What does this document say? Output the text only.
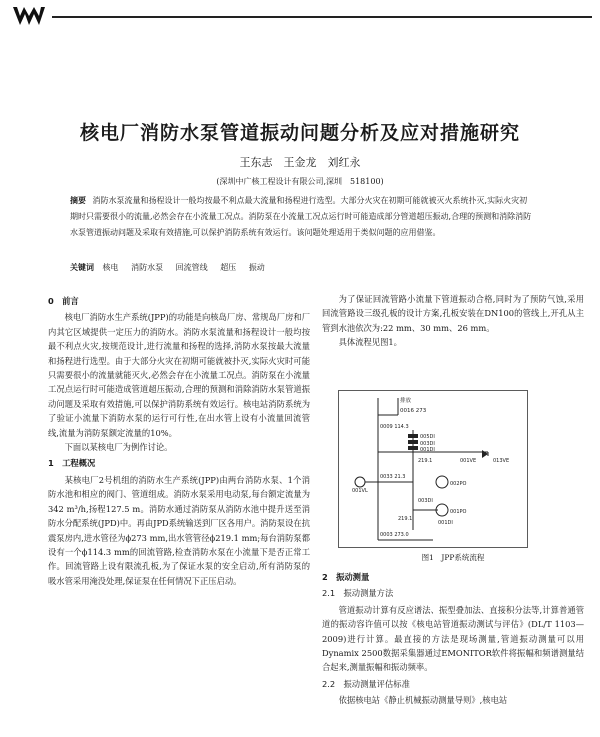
核电厂消防水泵管道振动问题分析及应对措施研究
王东志　王金龙　刘红永
(深圳中广核工程设计有限公司,深圳　518100)
摘要 消防水泵流量和扬程设计一般均按最不利点最大流量和扬程进行选型。大部分火灾在初期可能就被灭火系统扑灭,实际火灾初期时只需要很小的流量,必然会存在小流量工况点。消防泵在小流量工况点运行时可能造成部分管道超压振动,合理的预测和消除消防水泵管道振动问题及采取有效措施,可以保护消防系统有效运行。该问题处理适用于类似问题的应用借鉴。
关键词 核电 消防水泵 回流管线 超压 振动
0　前言

核电厂消防水生产系统(JPP)的功能是向核岛厂房、常规岛厂房和厂内其它区域提供一定压力的消防水。消防水泵流量和扬程设计一般均按最不利点火灾,按规范设计,进行流量和扬程的选择,消防水泵按最大流量和扬程进行选型。由于大部分火灾在初期可能就被扑灭,实际火灾时可能只需要很小的流量就能灭火,必然会存在小流量工况点。消防泵在小流量工况点运行时可能造成管道超压振动,合理的预测和消除消防水泵管道振动问题及采取有效措施,可以保护消防系统有效运行。核电站消防系统为了验证小流量下消防水泵的运行可行性,在出水管上设有小流量回流管线,流量为消防泵额定流量的10%。

下面以某核电厂为例作讨论。

1　工程概况

某核电厂2号机组的消防水生产系统(JPP)由两台消防水泵、1个消防水池和相应的阀门、管道组成。消防水泵采用电动泵,每台额定流量为342 m³/h,扬程127.5 m。消防水通过消防泵从消防水池中提升送至消防水分配系统(JPD)中。再由JPD系统输送到厂区各用户。消防泵设在抗震泵房内,进水管径为ϕ273 mm,出水管管径ϕ219.1 mm;每台消防泵都设有一个ϕ114.3 mm的回流管路,检查消防水泵在小流量下是否正常工作。回流管路上设有限流孔板,为了保证水泵的安全启动,所有消防泵的吸水管采用淹没处理,保证泵在任何情况下正压启动。

为了保证回流管路小流量下管道振动合格,同时为了预防气蚀,采用回流管路设三级孔板的设计方案,孔板安装在DN100的管线上,开孔从主管到水池依次为:22 mm、30 mm、26 mm。

具体流程见图1。

排放
0016 273
0009 114.3
005DI
003DI
001DI
0033 21.3
001VL
219.1	001VE	013VE
002PO
001PO
001DI
003DI
0003 273.0
219.1
图1　JPP系统流程
2　振动测量
2.1　振动测量方法

管道振动计算有反应谱法、振型叠加法、直接积分法等,计算普通管道的振动容许值可以按《核电站管道振动测试与评估》(DL/T 1103—2009)进行计算。最直接的方法是现场测量,管道振动测量可以用Dynamix 2500数据采集器通过EMONITOR软件将振幅和频谱测量结合起来,测量振幅和振动频率。

2.2　振动测量评估标准

依据核电站《静止机械振动测量导则》,核电站
